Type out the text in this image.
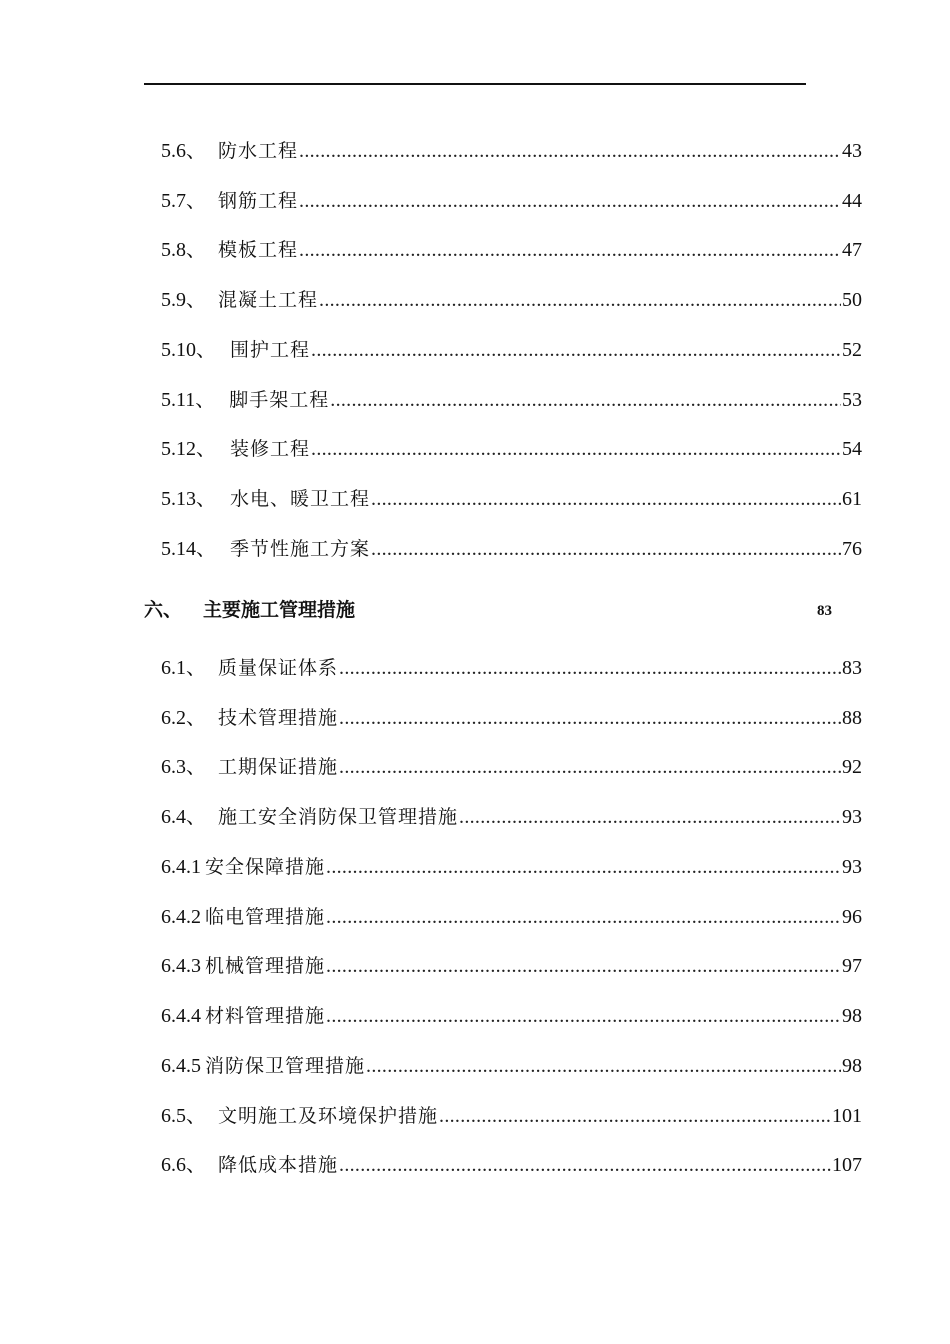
5.6、 防水工程 .....	43
5.7、 钢筋工程 .....	44
5.8、 模板工程 .....	47
5.9、 混凝土工程 .....	50
5.10、 围护工程 .....	52
5.11、 脚手架工程 .....	53
5.12、 装修工程 .....	54
5.13、 水电、暖卫工程 .....	61
5.14、 季节性施工方案 .....	76
六、 主要施工管理措施	83
6.1、 质量保证体系 .....	83
6.2、 技术管理措施 .....	88
6.3、 工期保证措施 .....	92
6.4、 施工安全消防保卫管理措施 .....	93
6.4.1 安全保障措施 .....	93
6.4.2 临电管理措施 .....	96
6.4.3 机械管理措施 .....	97
6.4.4 材料管理措施 .....	98
6.4.5 消防保卫管理措施 .....	98
6.5、 文明施工及环境保护措施 .....	101
6.6、 降低成本措施 .....	107
